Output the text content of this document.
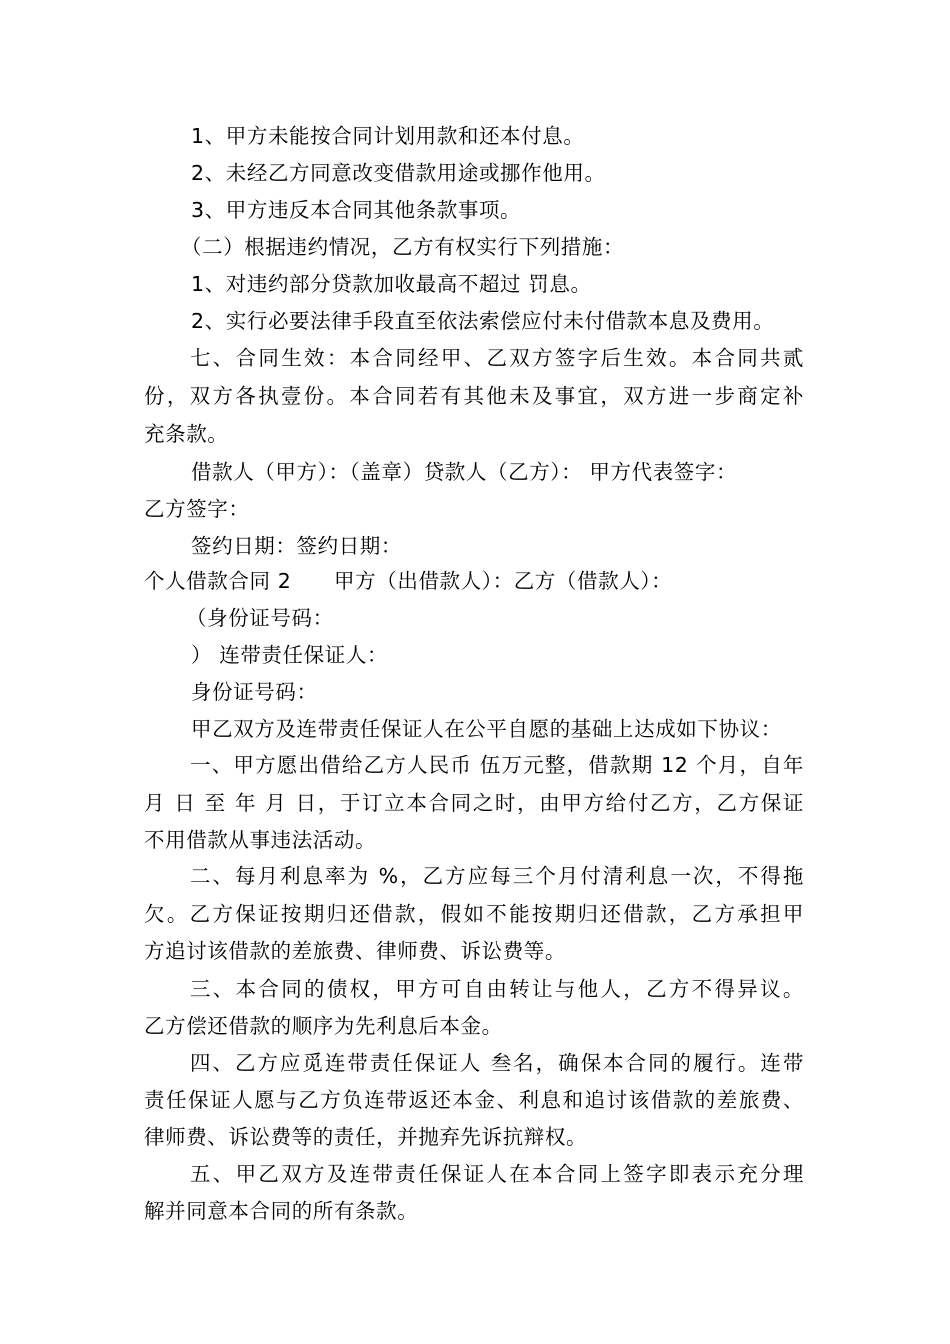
1、甲方未能按合同计划用款和还本付息。
2、未经乙方同意改变借款用途或挪作他用。
3、甲方违反本合同其他条款事项。
（二）根据违约情况，乙方有权实行下列措施：
1、对违约部分贷款加收最高不超过 罚息。
2、实行必要法律手段直至依法索偿应付未付借款本息及费用。
七、合同生效：本合同经甲、乙双方签字后生效。本合同共贰
份，双方各执壹份。本合同若有其他未及事宜，双方进一步商定补
充条款。
借款人（甲方）：（盖章）贷款人（乙方）： 甲方代表签字：
乙方签字：
签约日期：签约日期：
个人借款合同 2      甲方（出借款人）：乙方（借款人）：
（身份证号码：
） 连带责任保证人：
身份证号码：
甲乙双方及连带责任保证人在公平自愿的基础上达成如下协议：
一、甲方愿出借给乙方人民币 伍万元整，借款期 12 个月，自年
月 日 至 年 月 日，于订立本合同之时，由甲方给付乙方，乙方保证
不用借款从事违法活动。
二、每月利息率为 %，乙方应每三个月付清利息一次，不得拖
欠。乙方保证按期归还借款，假如不能按期归还借款，乙方承担甲
方追讨该借款的差旅费、律师费、诉讼费等。
三、本合同的债权，甲方可自由转让与他人，乙方不得异议。
乙方偿还借款的顺序为先利息后本金。
四、乙方应觅连带责任保证人 叁名，确保本合同的履行。连带
责任保证人愿与乙方负连带返还本金、利息和追讨该借款的差旅费、
律师费、诉讼费等的责任，并抛弃先诉抗辩权。
五、甲乙双方及连带责任保证人在本合同上签字即表示充分理
解并同意本合同的所有条款。
